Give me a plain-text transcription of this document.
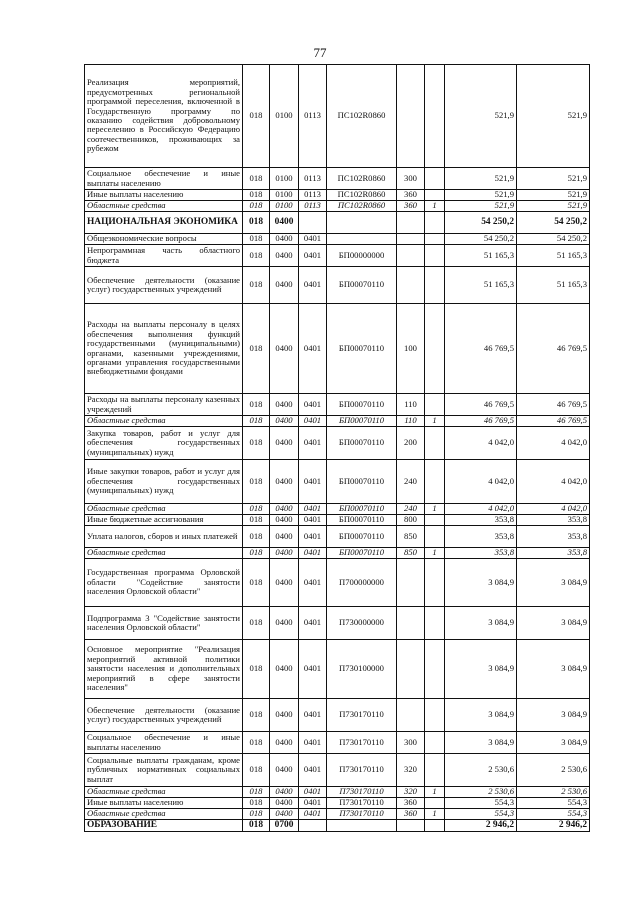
77
Реализация мероприятий, предусмотренных региональной программой переселения, включенной в Государственную программу по оказанию содействия добровольному переселению в Российскую Федерацию соотечественников, проживающих за рубежом	018	0100	0113	ПС102R0860			521,9	521,9
Социальное обеспечение и иные выплаты населению	018	0100	0113	ПС102R0860	300		521,9	521,9
Иные выплаты населению	018	0100	0113	ПС102R0860	360		521,9	521,9
Областные средства	018	0100	0113	ПС102R0860	360	1	521,9	521,9
НАЦИОНАЛЬНАЯ ЭКОНОМИКА	018	0400					54 250,2	54 250,2
Общеэкономические вопросы	018	0400	0401				54 250,2	54 250,2
Непрограммная часть областного бюджета	018	0400	0401	БП00000000			51 165,3	51 165,3
Обеспечение деятельности (оказание услуг) государственных учреждений	018	0400	0401	БП00070110			51 165,3	51 165,3
Расходы на выплаты персоналу в целях обеспечения выполнения функций государственными (муниципальными) органами, казенными учреждениями, органами управления государственными внебюджетными фондами	018	0400	0401	БП00070110	100		46 769,5	46 769,5
Расходы на выплаты персоналу казенных учреждений	018	0400	0401	БП00070110	110		46 769,5	46 769,5
Областные средства	018	0400	0401	БП00070110	110	1	46 769,5	46 769,5
Закупка товаров, работ и услуг для обеспечения государственных (муниципальных) нужд	018	0400	0401	БП00070110	200		4 042,0	4 042,0
Иные закупки товаров, работ и услуг для обеспечения государственных (муниципальных) нужд	018	0400	0401	БП00070110	240		4 042,0	4 042,0
Областные средства	018	0400	0401	БП00070110	240	1	4 042,0	4 042,0
Иные бюджетные ассигнования	018	0400	0401	БП00070110	800		353,8	353,8
Уплата налогов, сборов и иных платежей	018	0400	0401	БП00070110	850		353,8	353,8
Областные средства	018	0400	0401	БП00070110	850	1	353,8	353,8
Государственная программа Орловской области "Содействие занятости населения Орловской области"	018	0400	0401	П700000000			3 084,9	3 084,9
Подпрограмма 3 "Содействие занятости населения Орловской области"	018	0400	0401	П730000000			3 084,9	3 084,9
Основное мероприятие "Реализация мероприятий активной политики занятости населения и дополнительных мероприятий в сфере занятости населения"	018	0400	0401	П730100000			3 084,9	3 084,9
Обеспечение деятельности (оказание услуг) государственных учреждений	018	0400	0401	П730170110			3 084,9	3 084,9
Социальное обеспечение и иные выплаты населению	018	0400	0401	П730170110	300		3 084,9	3 084,9
Социальные выплаты гражданам, кроме публичных нормативных социальных выплат	018	0400	0401	П730170110	320		2 530,6	2 530,6
Областные средства	018	0400	0401	П730170110	320	1	2 530,6	2 530,6
Иные выплаты населению	018	0400	0401	П730170110	360		554,3	554,3
Областные средства	018	0400	0401	П730170110	360	1	554,3	554,3
ОБРАЗОВАНИЕ	018	0700					2 946,2	2 946,2
